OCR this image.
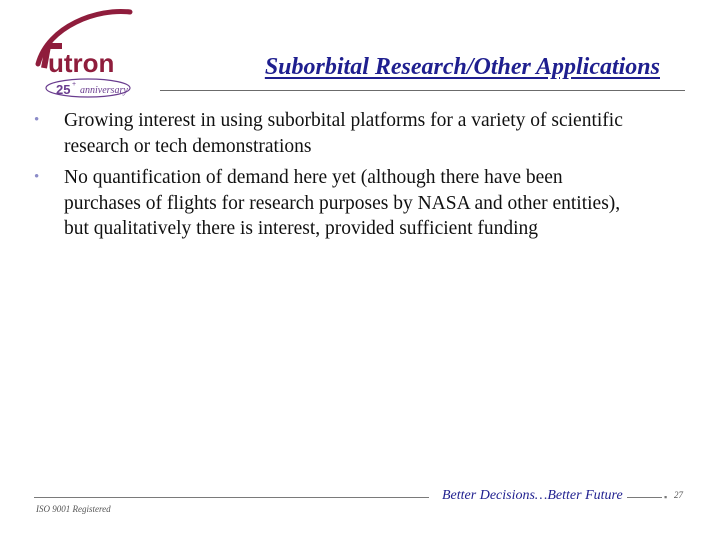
utron
25 +
anniversary
Suborbital Research/Other Applications
• Growing interest in using suborbital platforms for a variety of scientific research or tech demonstrations
• No quantification of demand here yet (although there have been purchases of flights for research purposes by NASA and other entities), but qualitatively there is interest, provided sufficient funding
ISO 9001 Registered
Better Decisions…Better Future	▪ 27
